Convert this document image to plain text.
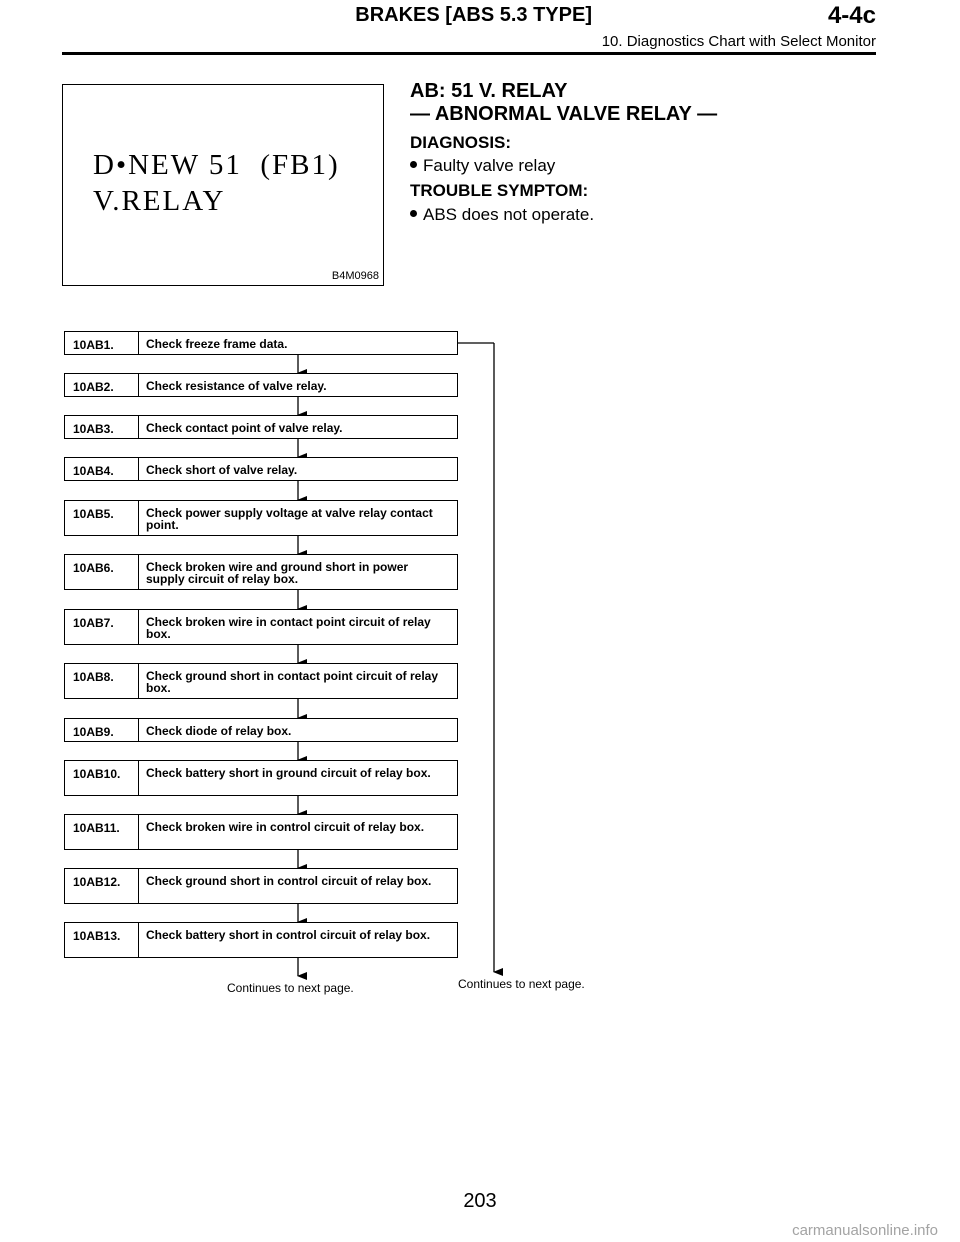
BRAKES [ABS 5.3 TYPE]	4-4c
10. Diagnostics Chart with Select Monitor
D•NEW 51  (FB1)
V.RELAY
B4M0968
AB: 51 V. RELAY
— ABNORMAL VALVE RELAY —
DIAGNOSIS:
Faulty valve relay
TROUBLE SYMPTOM:
ABS does not operate.
10AB1.	Check freeze frame data.
10AB2.	Check resistance of valve relay.
10AB3.	Check contact point of valve relay.
10AB4.	Check short of valve relay.
10AB5.	Check power supply voltage at valve relay contact point.
10AB6.	Check broken wire and ground short in power supply circuit of relay box.
10AB7.	Check broken wire in contact point circuit of relay box.
10AB8.	Check ground short in contact point circuit of relay box.
10AB9.	Check diode of relay box.
10AB10.	Check battery short in ground circuit of relay box.
10AB11.	Check broken wire in control circuit of relay box.
10AB12.	Check ground short in control circuit of relay box.
10AB13.	Check battery short in control circuit of relay box.
Continues to next page.	Continues to next page.
203
carmanualsonline.info
